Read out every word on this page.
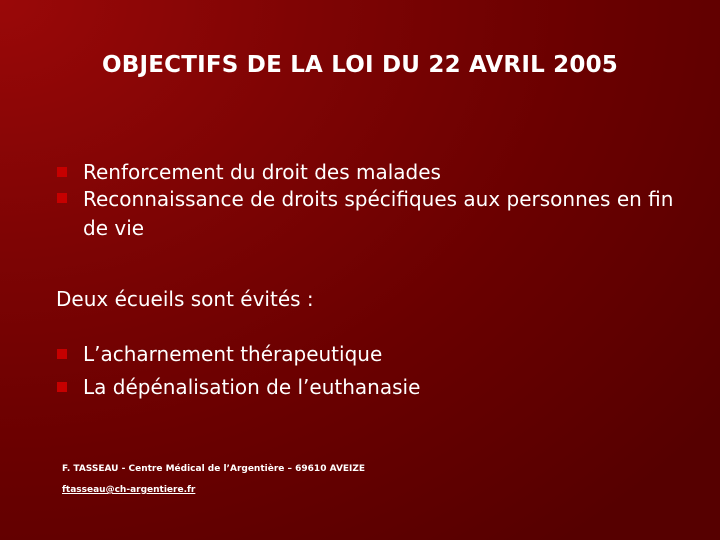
OBJECTIFS DE LA LOI DU 22 AVRIL 2005
Renforcement du droit des malades
Reconnaissance de droits spécifiques aux personnes en fin de vie

Deux écueils sont évités :

L’acharnement thérapeutique
La dépénalisation de l’euthanasie
F. TASSEAU - Centre Médical de l’Argentière – 69610 AVEIZE
ftasseau@ch-argentiere.fr
